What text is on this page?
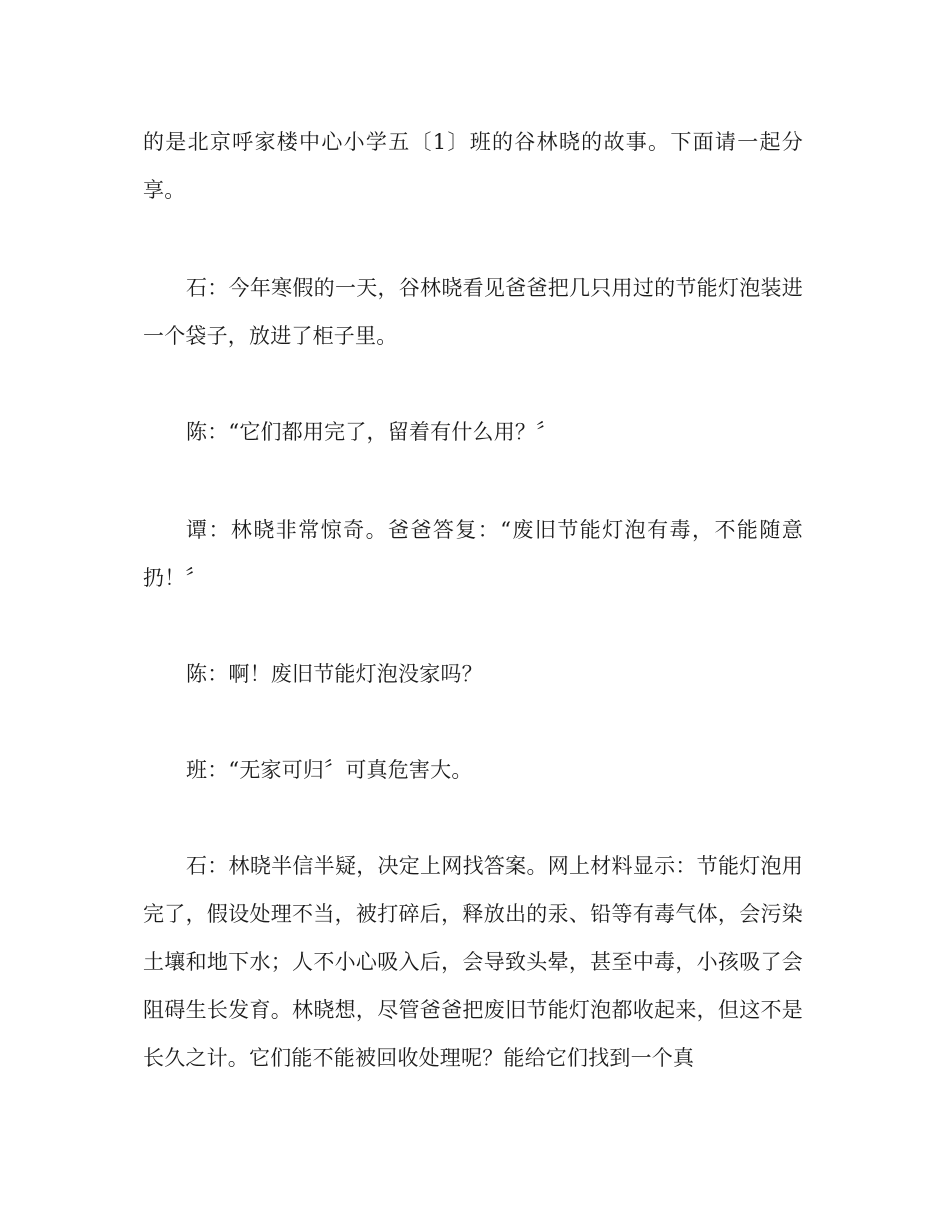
的是北京呼家楼中心小学五〔1〕班的谷林晓的故事。下面请一起分享。

石：今年寒假的一天，谷林晓看见爸爸把几只用过的节能灯泡装进一个袋子，放进了柜子里。

陈：“它们都用完了，留着有什么用？〞

谭：林晓非常惊奇。爸爸答复：“废旧节能灯泡有毒，不能随意扔！〞

陈：啊！废旧节能灯泡没家吗？

班：“无家可归〞可真危害大。

石：林晓半信半疑，决定上网找答案。网上材料显示：节能灯泡用完了，假设处理不当，被打碎后，释放出的汞、铅等有毒气体，会污染土壤和地下水；人不小心吸入后，会导致头晕，甚至中毒，小孩吸了会阻碍生长发育。林晓想，尽管爸爸把废旧节能灯泡都收起来，但这不是长久之计。它们能不能被回收处理呢？能给它们找到一个真
